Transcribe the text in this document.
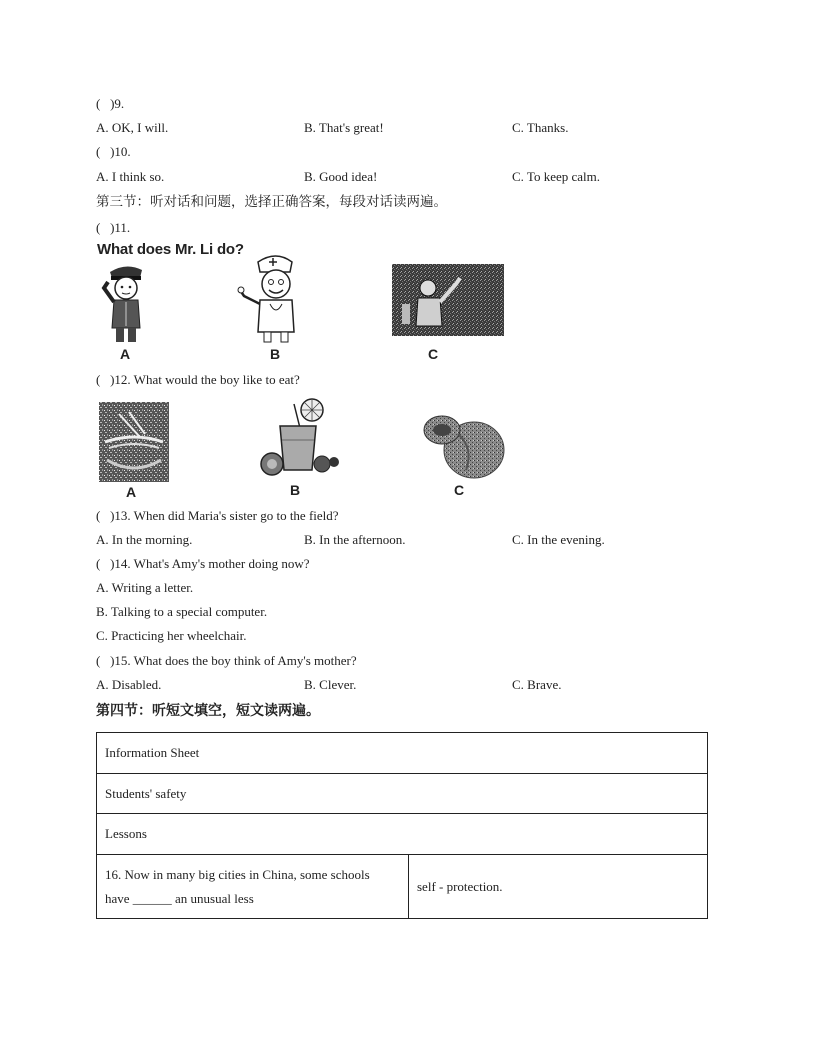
(   )9.
A. OK, I will.	B. That's great!	C. Thanks.
(   )10.
A. I think so.	B. Good idea!	C. To keep calm.
第三节：听对话和问题，选择正确答案，每段对话读两遍。
(   )11.
What does Mr. Li do?
A	B	C
(   )12. What would the boy like to eat?
A	B	C
(   )13. When did Maria's sister go to the field?
A. In the morning.	B. In the afternoon.	C. In the evening.
(   )14. What's Amy's mother doing now?
A. Writing a letter.
B. Talking to a special computer.
C. Practicing her wheelchair.
(   )15. What does the boy think of Amy's mother?
A. Disabled.	B. Clever.	C. Brave.
第四节：听短文填空，短文读两遍。
Information Sheet
Students' safety
Lessons

16. Now in many big cities in China, some schools
have ______ an unusual less
	self - protection.
